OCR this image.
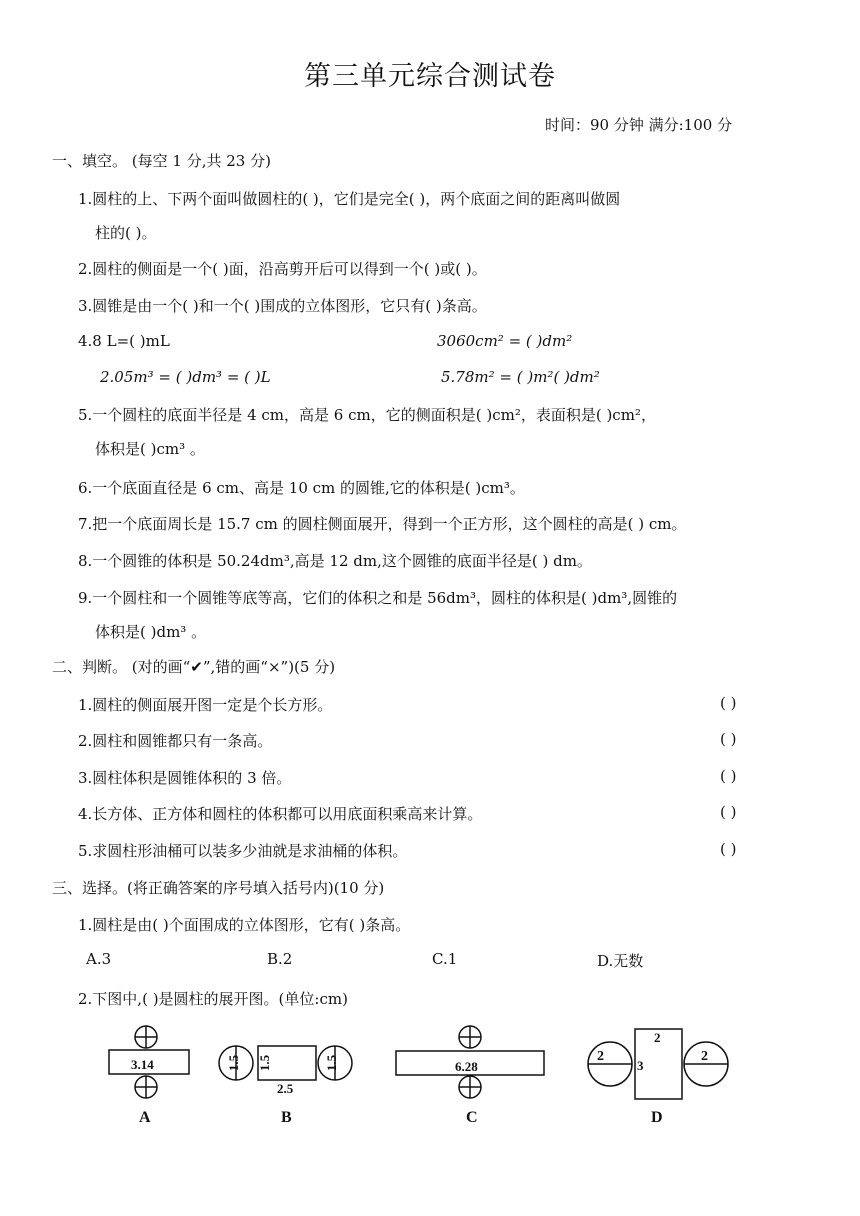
第三单元综合测试卷
时间：90 分钟 满分:100 分
一、填空。 (每空 1 分,共 23 分)
1.圆柱的上、下两个面叫做圆柱的( )，它们是完全( )，两个底面之间的距离叫做圆
柱的( )。
2.圆柱的侧面是一个( )面，沿高剪开后可以得到一个( )或( )。
3.圆锥是由一个( )和一个( )围成的立体图形，它只有( )条高。
4.8 L=( )mL	3060cm² = ( )dm²
2.05m³ = ( )dm³ = ( )L	5.78m² = ( )m²( )dm²
5.一个圆柱的底面半径是 4 cm，高是 6 cm，它的侧面积是( )cm²，表面积是( )cm²，
体积是( )cm³ 。
6.一个底面直径是 6 cm、高是 10 cm 的圆锥,它的体积是( )cm³。
7.把一个底面周长是 15.7 cm 的圆柱侧面展开，得到一个正方形，这个圆柱的高是( ) cm。
8.一个圆锥的体积是 50.24dm³,高是 12 dm,这个圆锥的底面半径是( ) dm。
9.一个圆柱和一个圆锥等底等高，它们的体积之和是 56dm³，圆柱的体积是( )dm³,圆锥的
体积是( )dm³ 。
二、判断。 (对的画“✔”,错的画“×”)(5 分)
1.圆柱的侧面展开图一定是个长方形。	( )
2.圆柱和圆锥都只有一条高。	( )
3.圆柱体积是圆锥体积的 3 倍。	( )
4.长方体、正方体和圆柱的体积都可以用底面积乘高来计算。	( )
5.求圆柱形油桶可以装多少油就是求油桶的体积。	( )
三、选择。(将正确答案的序号填入括号内)(10 分)
1.圆柱是由( )个面围成的立体图形，它有( )条高。
A.3	B.2	C.1	D.无数
2.下图中,( )是圆柱的展开图。(单位:cm)
3.14	1.5 1.5	1.5
2.5
6.28
2
2	2
3
A	B	C	D
